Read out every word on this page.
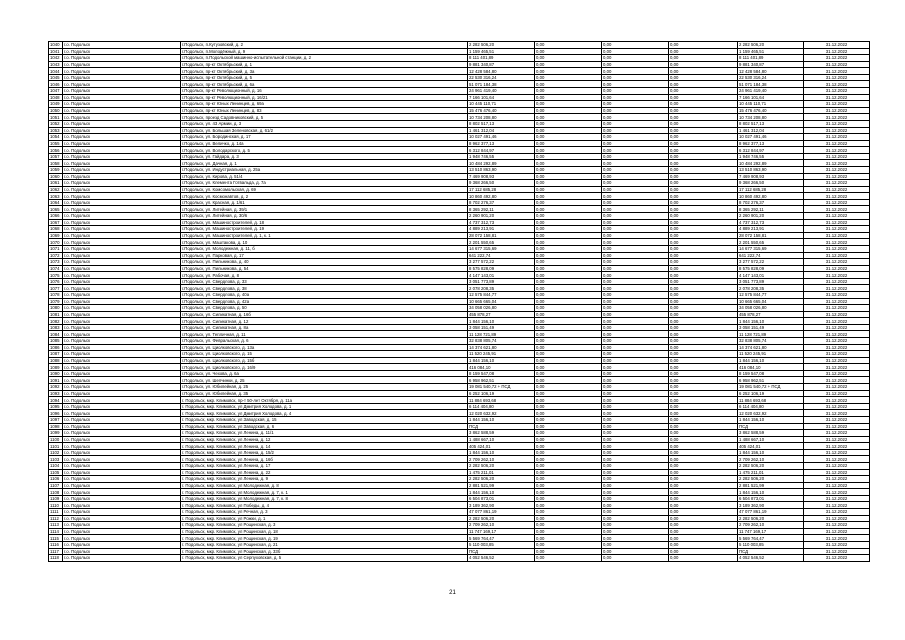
1040	г.о. Подольск	г.Подольск, п.Кутузовский, д. 2	2 282 506,20	0,00	0,00	0,00	2 282 506,20	31.12.2022
1041	г.о. Подольск	г.Подольск, п.Молодёжный, д. 9	1 159 465,51	0,00	0,00	0,00	1 159 465,51	31.12.2022
1042	г.о. Подольск	г.Подольск, п.Подольской машинно-испытательной станции, д. 2	8 111 401,89	0,00	0,00	0,00	8 111 401,89	31.12.2022
1043	г.о. Подольск	г.Подольск, пр-кт Октябрьский, д. 1	9 881 340,87	0,00	0,00	0,00	9 881 340,87	31.12.2022
1044	г.о. Подольск	г.Подольск, пр-кт Октябрьский, д. 3а	12 428 584,80	0,00	0,00	0,00	12 428 584,80	31.12.2022
1045	г.о. Подольск	г.Подольск, пр-кт Октябрьский, д. 5	22 530 316,24	0,00	0,00	0,00	22 530 316,24	31.12.2022
1046	г.о. Подольск	г.Подольск, пр-кт Октябрьский, д. 6а	51 071 184,38	0,00	0,00	0,00	51 071 184,38	31.12.2022
1047	г.о. Подольск	г.Подольск, пр-кт Революционный, д. 16	24 961 419,40	0,00	0,00	0,00	24 961 419,40	31.12.2022
1048	г.о. Подольск	г.Подольск, пр-кт Революционный, д. 16/21	7 166 101,64	0,00	0,00	0,00	7 166 101,64	31.12.2022
1049	г.о. Подольск	г.Подольск, пр-кт Юных Ленинцев, д. 69а	10 445 110,71	0,00	0,00	0,00	10 445 110,71	31.12.2022
1050	г.о. Подольск	г.Подольск, пр-кт Юных Ленинцев, д. 83	15 476 476,40	0,00	0,00	0,00	15 476 476,40	31.12.2022
1051	г.о. Подольск	г.Подольск, проезд Садовниковский, д. 5	10 734 208,80	0,00	0,00	0,00	10 734 208,80	31.12.2022
1052	г.о. Подольск	г.Подольск, ул. 43 Армии, д. 3	8 802 517,13	0,00	0,00	0,00	8 802 517,13	31.12.2022
1053	г.о. Подольск	г.Подольск, ул. Большая Зеленовская, д. 61/2	1 461 312,04	0,00	0,00	0,00	1 461 312,04	31.12.2022
1054	г.о. Подольск	г.Подольск, ул. Бородинская, д. 17	10 027 491,46	0,00	0,00	0,00	10 027 491,46	31.12.2022
1055	г.о. Подольск	г.Подольск, ул. Величко, д. 14а	8 962 377,13	0,00	0,00	0,00	8 962 377,13	31.12.2022
1056	г.о. Подольск	г.Подольск, ул. Володарского, д. 5	6 312 844,97	0,00	0,00	0,00	6 312 844,97	31.12.2022
1057	г.о. Подольск	г.Подольск, ул. Гайдара, д. 3	1 948 746,55	0,00	0,00	0,00	1 948 746,55	31.12.2022
1058	г.о. Подольск	г.Подольск, ул. Дачная, д. 1	10 484 292,89	0,00	0,00	0,00	10 484 292,89	31.12.2022
1059	г.о. Подольск	г.Подольск, ул. Индустриальная, д. 25а	13 510 863,90	0,00	0,00	0,00	13 510 863,90	31.12.2022
1060	г.о. Подольск	г.Подольск, ул. Кирова, д. 51/4	7 469 908,93	0,00	0,00	0,00	7 469 908,93	31.12.2022
1061	г.о. Подольск	г.Подольск, ул. Клемента Готвальда, д. 7а	9 368 266,50	0,00	0,00	0,00	9 368 266,50	31.12.2022
1062	г.о. Подольск	г.Подольск, ул. Комсомольская, д. 69	17 112 685,28	0,00	0,00	0,00	17 112 685,28	31.12.2022
1063	г.о. Подольск	г.Подольск, ул. Космонавтов, д. 2	10 860 492,80	0,00	0,00	0,00	10 860 492,80	31.12.2022
1064	г.о. Подольск	г.Подольск, ул. Красная, д. 1/61	8 702 276,37	0,00	0,00	0,00	8 702 276,37	31.12.2022
1065	г.о. Подольск	г.Подольск, ул. Литейная, д. 39/1	8 365 292,11	0,00	0,00	0,00	8 365 292,11	31.12.2022
1066	г.о. Подольск	г.Подольск, ул. Литейная, д. 30/6	2 260 901,20	0,00	0,00	0,00	2 260 901,20	31.12.2022
1067	г.о. Подольск	г.Подольск, ул. Машиностроителей, д. 18	4 737 312,73	0,00	0,00	0,00	4 737 312,73	31.12.2022
1068	г.о. Подольск	г.Подольск, ул. Машиностроителей, д. 19	4 889 213,91	0,00	0,00	0,00	4 889 213,91	31.12.2022
1069	г.о. Подольск	г.Подольск, ул. Машиностроителей, д. 1, к. 1	28 072 158,81	0,00	0,00	0,00	28 072 158,81	31.12.2022
1070	г.о. Подольск	г.Подольск, ул. Маштакова, д. 10	2 201 550,65	0,00	0,00	0,00	2 201 550,65	31.12.2022
1071	г.о. Подольск	г.Подольск, ул. Молодежная, д. 11, б	14 677 315,69	0,00	0,00	0,00	14 677 315,69	31.12.2022
1072	г.о. Подольск	г.Подольск, ул. Парковая, д. 17	641 222,74	0,00	0,00	0,00	641 222,74	31.12.2022
1073	г.о. Подольск	г.Подольск, ул. Пильникова, д. 40	3 277 572,22	0,00	0,00	0,00	3 277 572,22	31.12.2022
1074	г.о. Подольск	г.Подольск, ул. Пильникова, д. 54	8 575 828,09	0,00	0,00	0,00	8 575 828,09	31.12.2022
1075	г.о. Подольск	г.Подольск, ул. Рабочая, д. 8	4 147 143,01	0,00	0,00	0,00	4 147 143,01	31.12.2022
1076	г.о. Подольск	г.Подольск, ул. Свердлова, д. 33	3 051 773,89	0,00	0,00	0,00	3 051 773,89	31.12.2022
1077	г.о. Подольск	г.Подольск, ул. Свердлова, д. 38	2 078 208,35	0,00	0,00	0,00	2 078 208,35	31.12.2022
1078	г.о. Подольск	г.Подольск, ул. Свердлова, д. 40а	12 575 844,77	0,00	0,00	0,00	12 575 844,77	31.12.2022
1079	г.о. Подольск	г.Подольск, ул. Свердлова, д. 42а	10 665 665,04	0,00	0,00	0,00	10 665 665,04	31.12.2022
1080	г.о. Подольск	г.Подольск, ул. Свердлова, д. 50	34 058 026,80	0,00	0,00	0,00	34 058 026,80	31.12.2022
1081	г.о. Подольск	г.Подольск, ул. Силикатная, д. 16б	455 878,27	0,00	0,00	0,00	455 878,27	31.12.2022
1082	г.о. Подольск	г.Подольск, ул. Силикатная, д. 12	1 844 156,10	0,00	0,00	0,00	1 844 156,10	31.12.2022
1083	г.о. Подольск	г.Подольск, ул. Силикатная, д. 8а	3 058 151,49	0,00	0,00	0,00	3 058 151,49	31.12.2022
1084	г.о. Подольск	г.Подольск, ул. Тепличная, д. 11	11 128 721,89	0,00	0,00	0,00	11 128 721,89	31.12.2022
1085	г.о. Подольск	г.Подольск, ул. Февральская, д. 6	32 838 805,74	0,00	0,00	0,00	32 838 805,74	31.12.2022
1086	г.о. Подольск	г.Подольск, ул. Циолковского, д. 13а	14 374 621,80	0,00	0,00	0,00	14 374 621,80	31.12.2022
1087	г.о. Подольск	г.Подольск, ул. Циолковского, д. 15	11 520 245,91	0,00	0,00	0,00	11 520 245,91	31.12.2022
1088	г.о. Подольск	г.Подольск, ул. Циолковского, д. 15б	1 844 156,10	0,00	0,00	0,00	1 844 156,10	31.12.2022
1089	г.о. Подольск	г.Подольск, ул. Циолковского, д. 16/9	416 084,10	0,00	0,00	0,00	416 084,10	31.12.2022
1090	г.о. Подольск	г.Подольск, ул. Чехова, д. 6а	8 159 547,08	0,00	0,00	0,00	8 159 547,08	31.12.2022
1091	г.о. Подольск	г.Подольск, ул. Шепчинки, д. 25	6 958 962,51	0,00	0,00	0,00	6 958 962,51	31.12.2022
1092	г.о. Подольск	г.Подольск, ул. Юбилейная, д. 25	19 081 540,72 + ПСД	0,00	0,00	0,00	19 081 540,72 + ПСД	31.12.2022
1093	г.о. Подольск	г.Подольск, ул. Юбилейная, д. 35	6 252 106,19	0,00	0,00	0,00	6 252 106,19	31.12.2022
1094	г.о. Подольск	г. Подольск, мкр. Климовск, пр-т 50-лет Октября, д. 11а	11 884 693,68	0,00	0,00	0,00	11 884 693,68	31.12.2022
1095	г.о. Подольск	г. Подольск, мкр. Климовск, ул Дмитрия Холодова, д. 1	6 114 404,80	0,00	0,00	0,00	6 114 404,80	31.12.2022
1096	г.о. Подольск	г. Подольск, мкр. Климовск, ул Дмитрия Холодова, д. 4	12 020 632,92	0,00	0,00	0,00	12 020 632,92	31.12.2022
1097	г.о. Подольск	г. Подольск, мкр. Климовск, ул Заводская, д. 15	1 844 156,10	0,00	0,00	0,00	1 844 156,10	31.12.2022
1098	г.о. Подольск	г. Подольск, мкр. Климовск, ул Заводская, д. 6	ПСД	0,00	0,00	0,00	ПСД	31.12.2022
1099	г.о. Подольск	г. Подольск, мкр. Климовск, ул Ленина, д. 11/1	3 862 588,59	0,00	0,00	0,00	3 862 588,59	31.12.2022
1100	г.о. Подольск	г. Подольск, мкр. Климовск, ул Ленина, д. 12	1 488 667,10	0,00	0,00	0,00	1 488 667,10	31.12.2022
1101	г.о. Подольск	г. Подольск, мкр. Климовск, ул Ленина, д. 14	405 424,01	0,00	0,00	0,00	405 424,01	31.12.2022
1102	г.о. Подольск	г. Подольск, мкр. Климовск, ул Ленина, д. 15/2	1 844 156,10	0,00	0,00	0,00	1 844 156,10	31.12.2022
1103	г.о. Подольск	г. Подольск, мкр. Климовск, ул Ленина, д. 16б	2 709 262,10	0,00	0,00	0,00	2 709 262,10	31.12.2022
1104	г.о. Подольск	г. Подольск, мкр. Климовск, ул Ленина, д. 17	2 282 506,20	0,00	0,00	0,00	2 282 506,20	31.12.2022
1105	г.о. Подольск	г. Подольск, мкр. Климовск, ул Ленина, д. 22	1 475 211,01	0,00	0,00	0,00	1 475 211,01	31.12.2022
1106	г.о. Подольск	г. Подольск, мкр. Климовск, ул Ленина, д. 9	2 282 506,20	0,00	0,00	0,00	2 282 506,20	31.12.2022
1107	г.о. Подольск	г. Подольск, мкр. Климовск, ул Молодежная, д. 8	2 881 521,99	0,00	0,00	0,00	2 881 521,99	31.12.2022
1108	г.о. Подольск	г. Подольск, мкр. Климовск, ул Молодежная, д. 7, к. 1	1 844 156,10	0,00	0,00	0,00	1 844 156,10	31.12.2022
1109	г.о. Подольск	г. Подольск, мкр. Климовск, ул Молодежная, д. 7, к. 8	6 504 873,01	0,00	0,00	0,00	6 504 873,01	31.12.2022
1110	г.о. Подольск	г. Подольск, мкр. Климовск, ул Победы, д. 4	3 189 362,90	0,00	0,00	0,00	3 189 362,90	31.12.2022
1111	г.о. Подольск	г. Подольск, мкр. Климовск, ул Речная, д. 3	47 077 861,19	0,00	0,00	0,00	47 077 861,19	31.12.2022
1112	г.о. Подольск	г. Подольск, мкр. Климовск, ул Рожки, д. 1	2 282 506,20	0,00	0,00	0,00	2 282 506,20	31.12.2022
1113	г.о. Подольск	г. Подольск, мкр. Климовск, ул Рощинская, д. 3	2 709 262,10	0,00	0,00	0,00	2 709 262,10	31.12.2022
1114	г.о. Подольск	г. Подольск, мкр. Климовск, ул Рощинская, д. 18	11 747 169,17	0,00	0,00	0,00	11 747 169,17	31.12.2022
1115	г.о. Подольск	г. Подольск, мкр. Климовск, ул Рощинская, д. 19	5 569 764,47	0,00	0,00	0,00	5 569 764,47	31.12.2022
1116	г.о. Подольск	г. Подольск, мкр. Климовск, ул Рощинская, д. 21	5 110 003,85	0,00	0,00	0,00	5 110 003,85	31.12.2022
1117	г.о. Подольск	г. Подольск, мкр. Климовск, ул Рощинская, д. 33б	ПСД	0,00	0,00	0,00	ПСД	31.12.2022
1118	г.о. Подольск	г. Подольск, мкр. Климовск, ул Серпуховская, д. 5	4 052 546,52	0,00	0,00	0,00	4 052 546,52	31.12.2022
21
